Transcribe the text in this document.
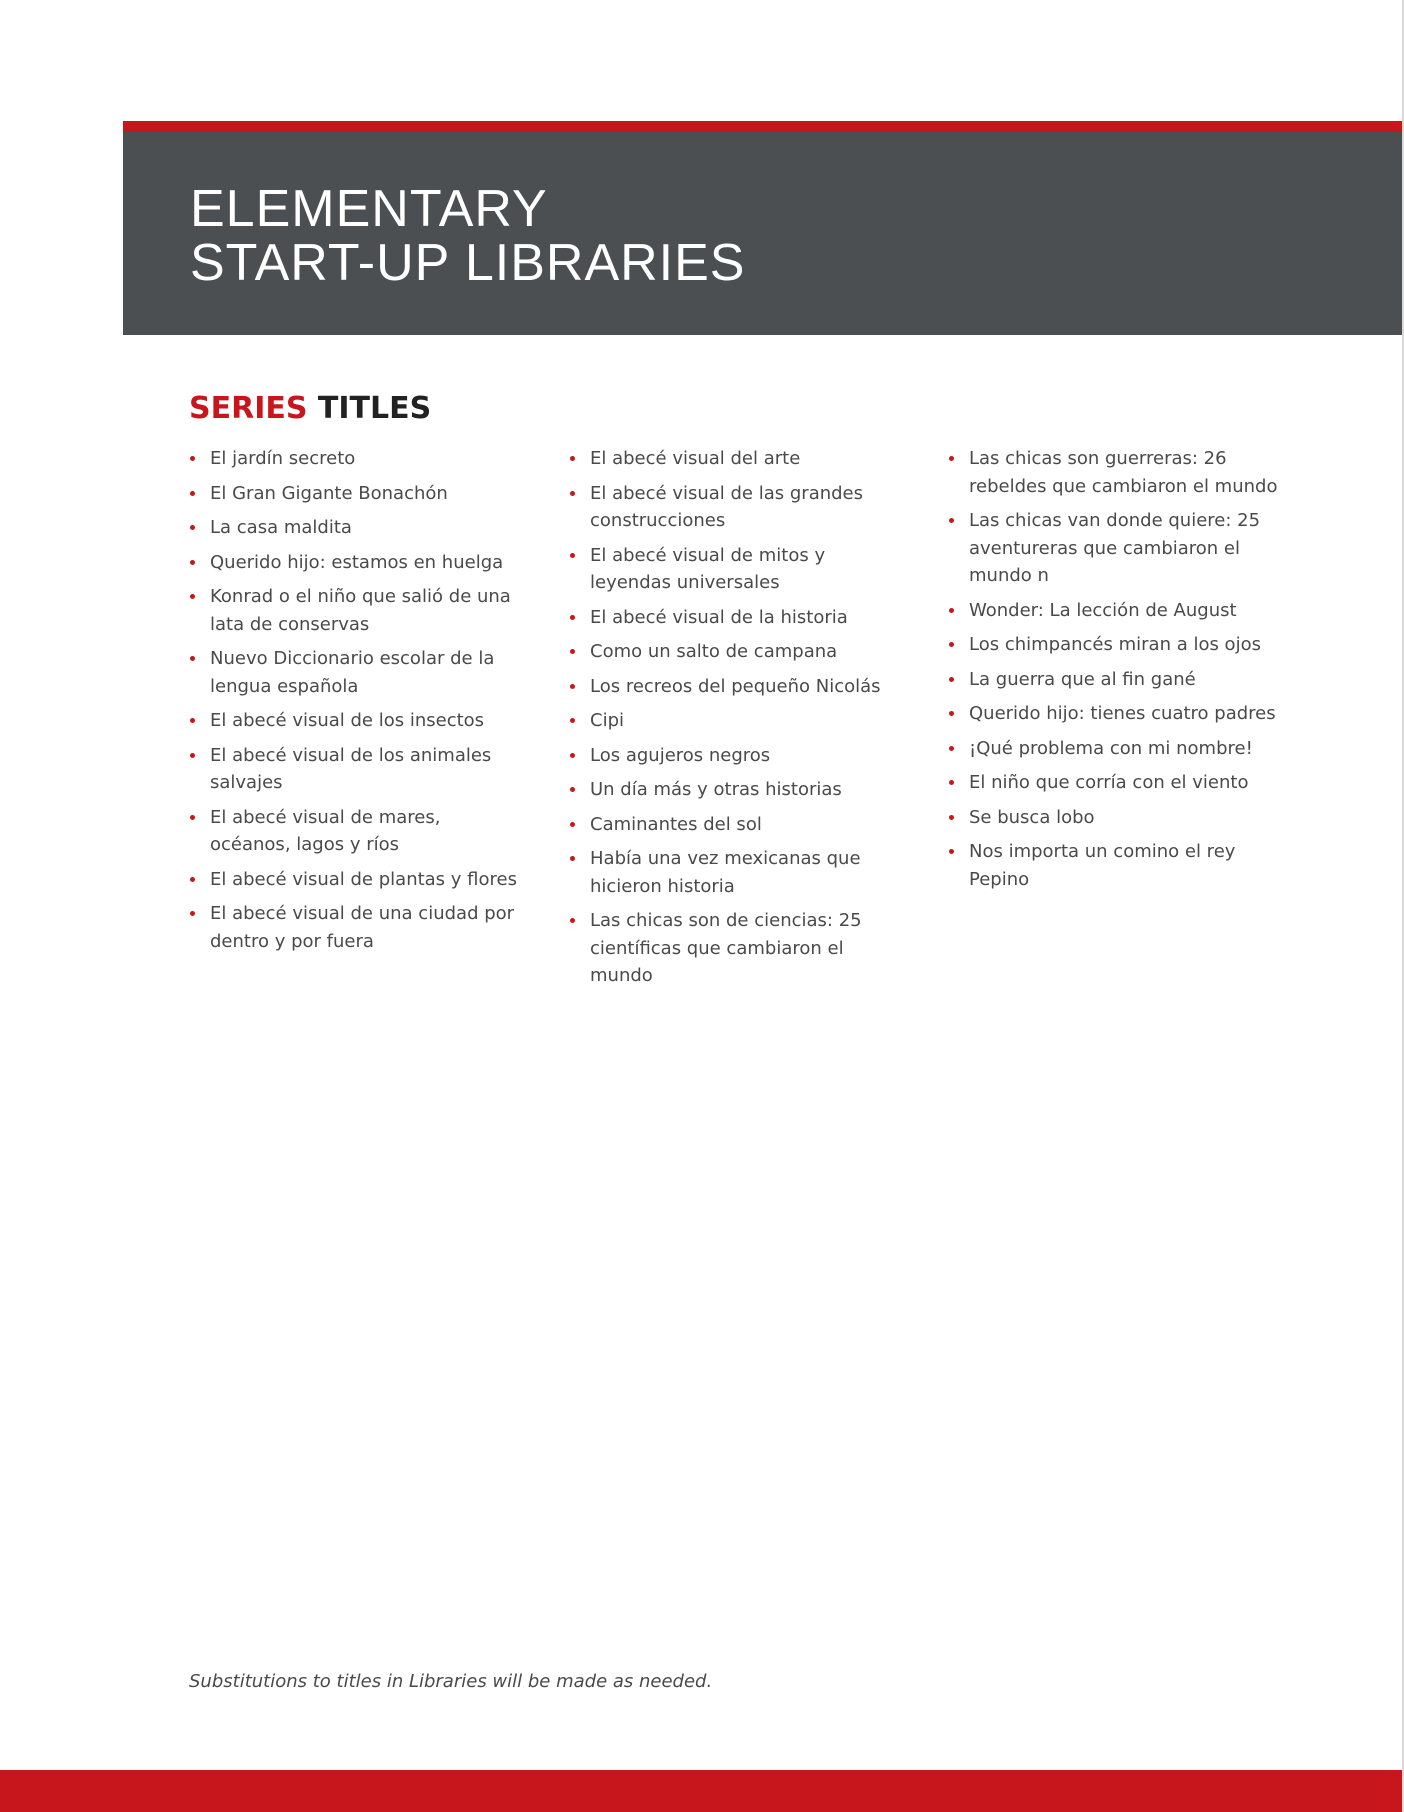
ELEMENTARY
START-UP LIBRARIES
SERIES TITLES
El jardín secreto
El Gran Gigante Bonachón
La casa maldita
Querido hijo: estamos en huelga
Konrad o el niño que salió de una lata de conservas
Nuevo Diccionario escolar de la lengua española
El abecé visual de los insectos
El abecé visual de los animales salvajes
El abecé visual de mares, océanos, lagos y ríos
El abecé visual de plantas y flores
El abecé visual de una ciudad por dentro y por fuera
El abecé visual del arte
El abecé visual de las grandes construcciones
El abecé visual de mitos y leyendas universales
El abecé visual de la historia
Como un salto de campana
Los recreos del pequeño Nicolás
Cipi
Los agujeros negros
Un día más y otras historias
Caminantes del sol
Había una vez mexicanas que hicieron historia
Las chicas son de ciencias: 25 científicas que cambiaron el mundo
Las chicas son guerreras: 26 rebeldes que cambiaron el mundo
Las chicas van donde quiere: 25 aventureras que cambiaron el mundo n
Wonder: La lección de August
Los chimpancés miran a los ojos
La guerra que al fin gané
Querido hijo: tienes cuatro padres
¡Qué problema con mi nombre!
El niño que corría con el viento
Se busca lobo
Nos importa un comino el rey Pepino

Substitutions to titles in Libraries will be made as needed.
